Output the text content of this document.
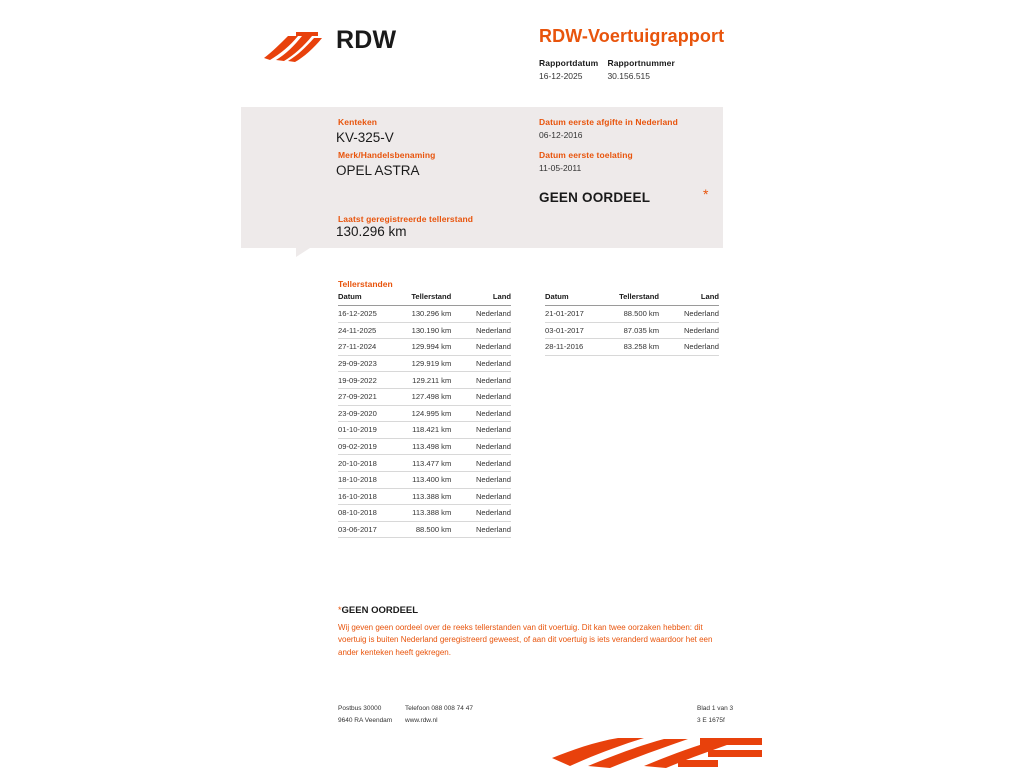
RDW	RDW-Voertuigrapport
Rapportdatum
16-12-2025

Rapportnummer
30.156.515
Kenteken
KV-325-V
Merk/Handelsbenaming
OPEL ASTRA
Laatst geregistreerde tellerstand
130.296 km
Datum eerste afgifte in Nederland
06-12-2016
Datum eerste toelating
11-05-2011
GEEN OORDEEL	*
Tellerstanden
Datum	Tellerstand	Land
16-12-2025	130.296 km	Nederland
24-11-2025	130.190 km	Nederland
27-11-2024	129.994 km	Nederland
29-09-2023	129.919 km	Nederland
19-09-2022	129.211 km	Nederland
27-09-2021	127.498 km	Nederland
23-09-2020	124.995 km	Nederland
01-10-2019	118.421 km	Nederland
09-02-2019	113.498 km	Nederland
20-10-2018	113.477 km	Nederland
18-10-2018	113.400 km	Nederland
16-10-2018	113.388 km	Nederland
08-10-2018	113.388 km	Nederland
03-06-2017	88.500 km	Nederland
Datum	Tellerstand	Land
21-01-2017	88.500 km	Nederland
03-01-2017	87.035 km	Nederland
28-11-2016	83.258 km	Nederland
*GEEN OORDEEL
Wij geven geen oordeel over de reeks tellerstanden van dit voertuig. Dit kan twee oorzaken hebben: dit voertuig is buiten Nederland geregistreerd geweest, of aan dit voertuig is iets veranderd waardoor het een ander kenteken heeft gekregen.
Postbus 30000
9640 RA Veendam
Telefoon 088 008 74 47
www.rdw.nl
Blad 1 van 3
3 E 1675f
